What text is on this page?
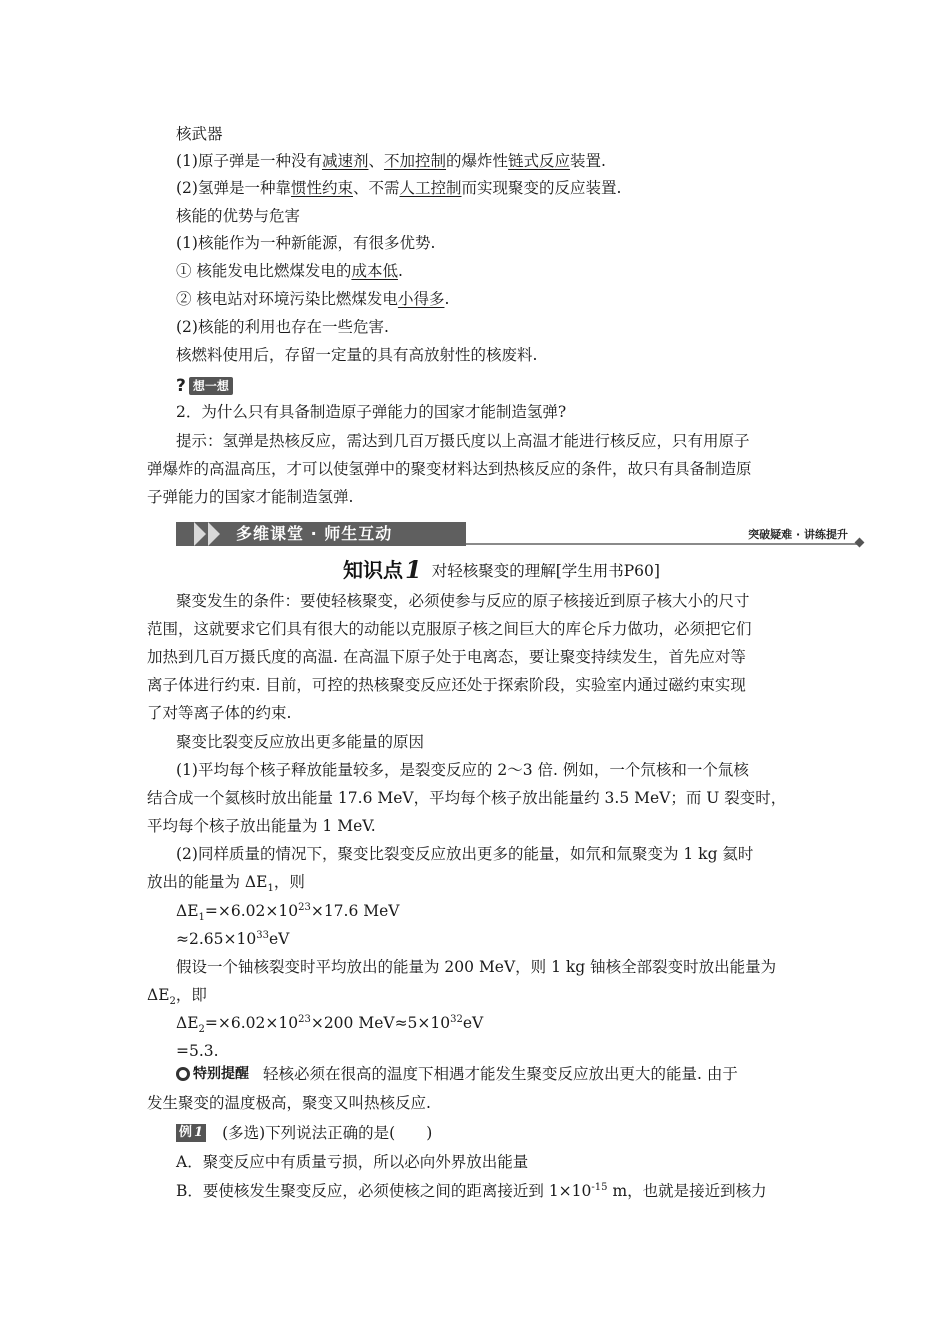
核武器
(1)原子弹是一种没有减速剂、不加控制的爆炸性链式反应装置.
(2)氢弹是一种靠惯性约束、不需人工控制而实现聚变的反应装置.
核能的优势与危害
(1)核能作为一种新能源，有很多优势.
① 核能发电比燃煤发电的成本低.
② 核电站对环境污染比燃煤发电小得多.
(2)核能的利用也存在一些危害.
核燃料使用后，存留一定量的具有高放射性的核废料.
? 想一想
2．为什么只有具备制造原子弹能力的国家才能制造氢弹?
提示：氢弹是热核反应，需达到几百万摄氏度以上高温才能进行核反应，只有用原子
弹爆炸的高温高压，才可以使氢弹中的聚变材料达到热核反应的条件，故只有具备制造原
子弹能力的国家才能制造氢弹.
多维课堂 · 师生互动	突破疑难 · 讲练提升
知识点 1 对轻核聚变的理解[学生用书P60]
聚变发生的条件：要使轻核聚变，必须使参与反应的原子核接近到原子核大小的尺寸
范围，这就要求它们具有很大的动能以克服原子核之间巨大的库仑斥力做功，必须把它们
加热到几百万摄氏度的高温. 在高温下原子处于电离态，要让聚变持续发生，首先应对等
离子体进行约束. 目前，可控的热核聚变反应还处于探索阶段，实验室内通过磁约束实现
了对等离子体的约束.
聚变比裂变反应放出更多能量的原因
(1)平均每个核子释放能量较多，是裂变反应的 2～3 倍. 例如，一个氘核和一个氚核
结合成一个氦核时放出能量 17.6 MeV，平均每个核子放出能量约 3.5 MeV；而 U 裂变时，
平均每个核子放出能量为 1 MeV.
(2)同样质量的情况下，聚变比裂变反应放出更多的能量，如氘和氚聚变为 1 kg 氦时
放出的能量为 $\Delta E_1$，则
$\Delta E_1=\times 6.02\times 10^{23}\times 17.6$ MeV
$\approx 2.65\times 10^{33}eV$
假设一个铀核裂变时平均放出的能量为 200 MeV，则 1 kg 铀核全部裂变时放出能量为
$\Delta E_2$，即
$\Delta E_2=\times 6.02\times 10^{23}\times 200$ $MeV\approx 5\times 10^{32}eV$
=5.3.
特别提醒 轻核必须在很高的温度下相遇才能发生聚变反应放出更大的能量. 由于
发生聚变的温度极高，聚变又叫热核反应.
例 1 (多选)下列说法正确的是(　　)
A．聚变反应中有质量亏损，所以必向外界放出能量
B．要使核发生聚变反应，必须使核之间的距离接近到 $1\times 10^{-15}$ m，也就是接近到核力
